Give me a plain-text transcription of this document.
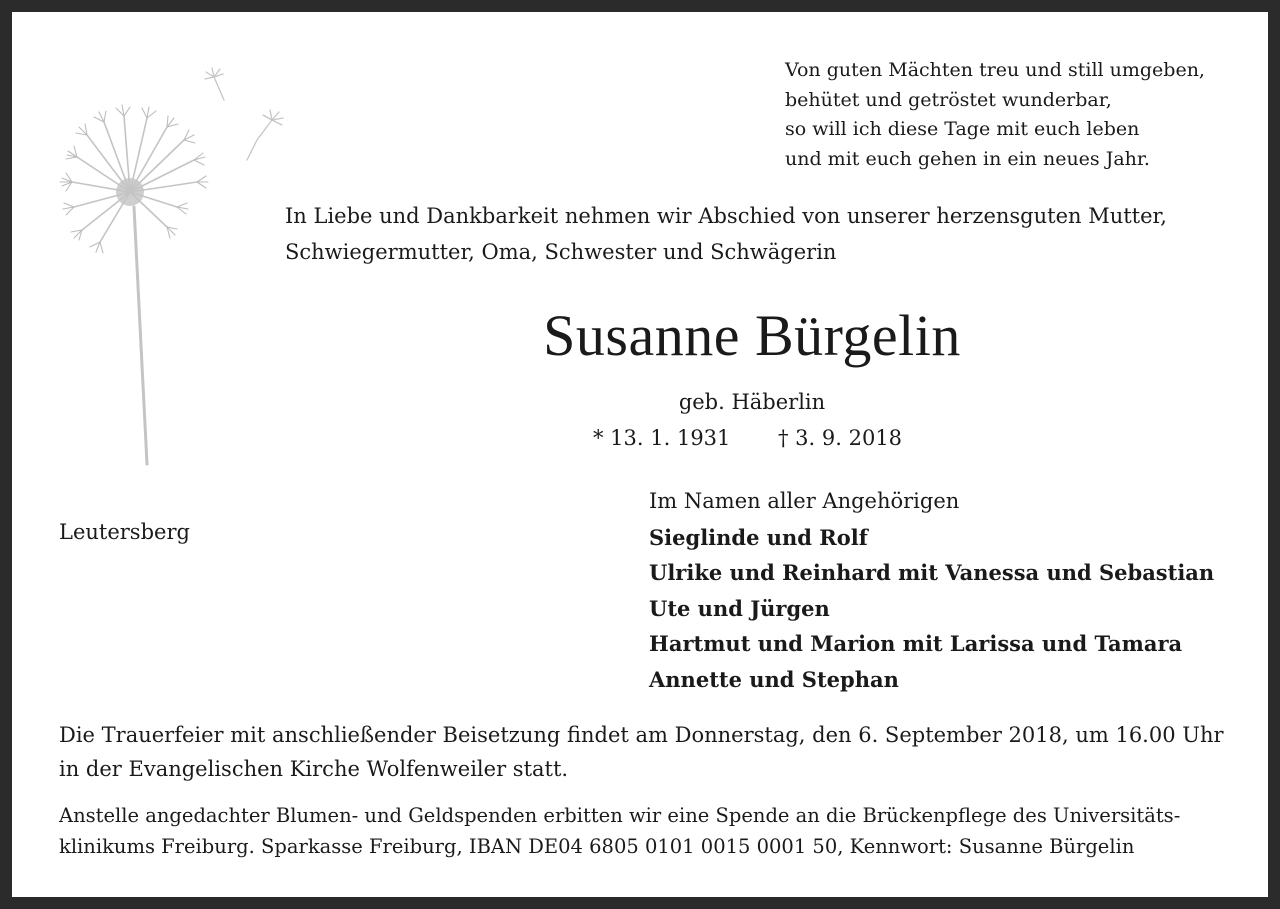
Von guten Mächten treu und still umgeben,
behütet und getröstet wunderbar,
so will ich diese Tage mit euch leben
und mit euch gehen in ein neues Jahr.
In Liebe und Dankbarkeit nehmen wir Abschied von unserer herzensguten Mutter,
Schwiegermutter, Oma, Schwester und Schwägerin
Susanne Bürgelin
geb. Häberlin
* 13. 1. 1931 † 3. 9. 2018
Leutersberg
Im Namen aller Angehörigen
Sieglinde und Rolf
Ulrike und Reinhard mit Vanessa und Sebastian
Ute und Jürgen
Hartmut und Marion mit Larissa und Tamara
Annette und Stephan
Die Trauerfeier mit anschließender Beisetzung findet am Donnerstag, den 6. September 2018, um 16.00 Uhr
in der Evangelischen Kirche Wolfenweiler statt.
Anstelle angedachter Blumen- und Geldspenden erbitten wir eine Spende an die Brückenpflege des Universitäts-
klinikums Freiburg. Sparkasse Freiburg, IBAN DE04 6805 0101 0015 0001 50, Kennwort: Susanne Bürgelin
